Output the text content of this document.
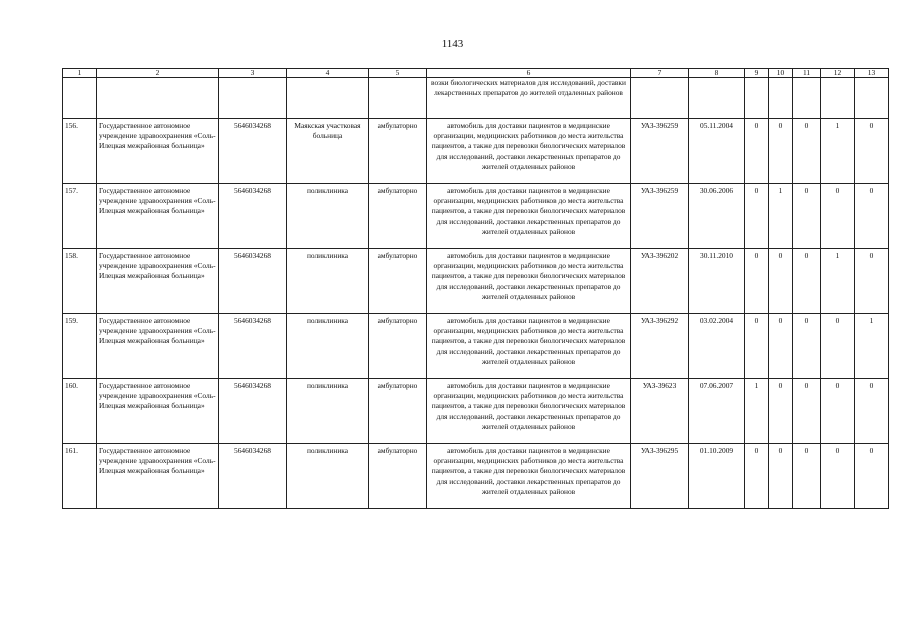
1143
1	2	3	4	5	6	7	8	9	10	11	12	13
					возки биологических материалов для исследований, доставки лекарственных препаратов до жителей отдаленных районов							
156.	Государственное автономное учреждение здравоохранения «Соль-Илецкая межрайонная больница»	5646034268	Маякская участковая больница	амбулаторно	автомобиль для доставки пациентов в медицинские организации, медицинских работников до места жительства пациентов, а также для перевозки биологических материалов для исследований, доставки лекарственных препаратов до жителей отдаленных районов	УАЗ-396259	05.11.2004	0	0	0	1	0
157.	Государственное автономное учреждение здравоохранения «Соль-Илецкая межрайонная больница»	5646034268	поликлиника	амбулаторно	автомобиль для доставки пациентов в медицинские организации, медицинских работников до места жительства пациентов, а также для перевозки биологических материалов для исследований, доставки лекарственных препаратов до жителей отдаленных районов	УАЗ-396259	30.06.2006	0	1	0	0	0
158.	Государственное автономное учреждение здравоохранения «Соль-Илецкая межрайонная больница»	5646034268	поликлиника	амбулаторно	автомобиль для доставки пациентов в медицинские организации, медицинских работников до места жительства пациентов, а также для перевозки биологических материалов для исследований, доставки лекарственных препаратов до жителей отдаленных районов	УАЗ-396202	30.11.2010	0	0	0	1	0
159.	Государственное автономное учреждение здравоохранения «Соль-Илецкая межрайонная больница»	5646034268	поликлиника	амбулаторно	автомобиль для доставки пациентов в медицинские организации, медицинских работников до места жительства пациентов, а также для перевозки биологических материалов для исследований, доставки лекарственных препаратов до жителей отдаленных районов	УАЗ-396292	03.02.2004	0	0	0	0	1
160.	Государственное автономное учреждение здравоохранения «Соль-Илецкая межрайонная больница»	5646034268	поликлиника	амбулаторно	автомобиль для доставки пациентов в медицинские организации, медицинских работников до места жительства пациентов, а также для перевозки биологических материалов для исследований, доставки лекарственных препаратов до жителей отдаленных районов	УАЗ-39623	07.06.2007	1	0	0	0	0
161.	Государственное автономное учреждение здравоохранения «Соль-Илецкая межрайонная больница»	5646034268	поликлиника	амбулаторно	автомобиль для доставки пациентов в медицинские организации, медицинских работников до места жительства пациентов, а также для перевозки биологических материалов для исследований, доставки лекарственных препаратов до жителей отдаленных районов	УАЗ-396295	01.10.2009	0	0	0	0	0
